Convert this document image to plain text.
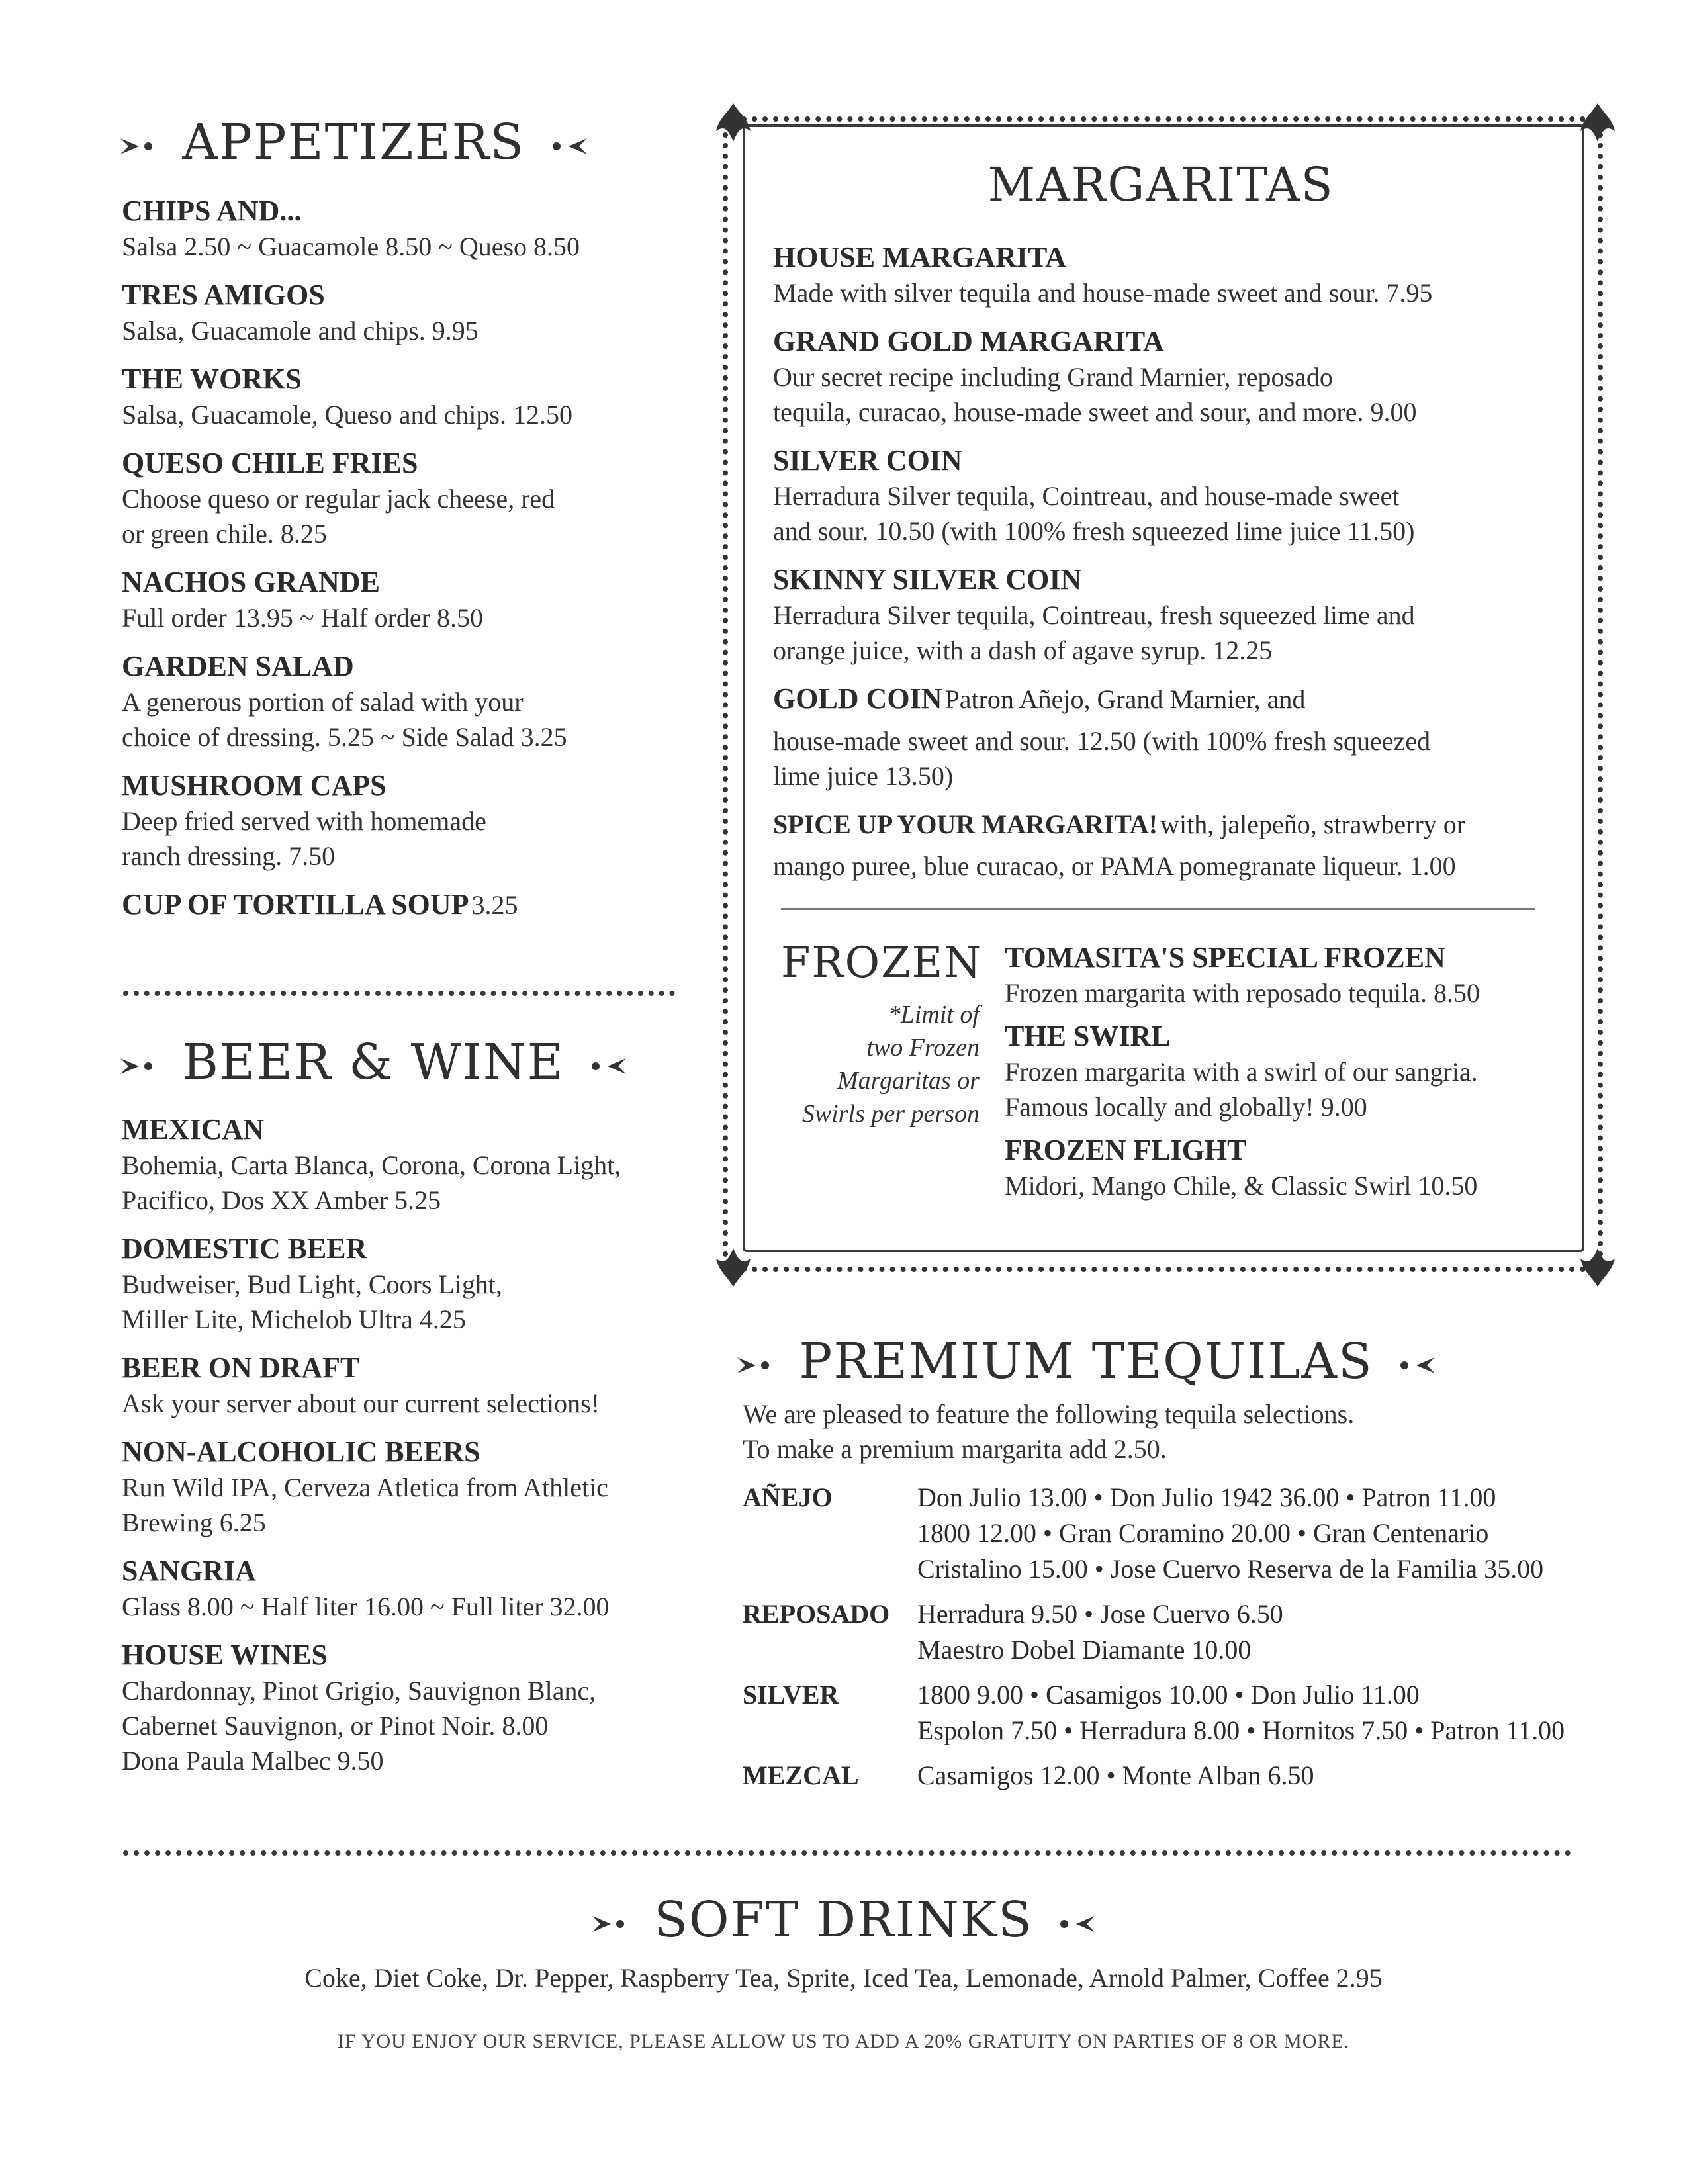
APPETIZERS
CHIPS AND...
Salsa 2.50 ~ Guacamole 8.50 ~ Queso 8.50
TRES AMIGOS
Salsa, Guacamole and chips. 9.95
THE WORKS
Salsa, Guacamole, Queso and chips. 12.50
QUESO CHILE FRIES
Choose queso or regular jack cheese, red
or green chile. 8.25
NACHOS GRANDE
Full order 13.95 ~ Half order 8.50
GARDEN SALAD
A generous portion of salad with your
choice of dressing. 5.25 ~ Side Salad 3.25
MUSHROOM CAPS
Deep fried served with homemade
ranch dressing. 7.50
CUP OF TORTILLA SOUP 3.25
BEER & WINE
MEXICAN
Bohemia, Carta Blanca, Corona, Corona Light,
Pacifico, Dos XX Amber 5.25
DOMESTIC BEER
Budweiser, Bud Light, Coors Light,
Miller Lite, Michelob Ultra 4.25
BEER ON DRAFT
Ask your server about our current selections!
NON-ALCOHOLIC BEERS
Run Wild IPA, Cerveza Atletica from Athletic
Brewing 6.25
SANGRIA
Glass 8.00 ~ Half liter 16.00 ~ Full liter 32.00
HOUSE WINES
Chardonnay, Pinot Grigio, Sauvignon Blanc,
Cabernet Sauvignon, or Pinot Noir. 8.00
Dona Paula Malbec 9.50
MARGARITAS
HOUSE MARGARITA
Made with silver tequila and house-made sweet and sour. 7.95
GRAND GOLD MARGARITA
Our secret recipe including Grand Marnier, reposado
tequila, curacao, house-made sweet and sour, and more. 9.00
SILVER COIN
Herradura Silver tequila, Cointreau, and house-made sweet
and sour. 10.50 (with 100% fresh squeezed lime juice 11.50)
SKINNY SILVER COIN
Herradura Silver tequila, Cointreau, fresh squeezed lime and
orange juice, with a dash of agave syrup. 12.25
GOLD COIN Patron Añejo, Grand Marnier, and
house-made sweet and sour. 12.50 (with 100% fresh squeezed
lime juice 13.50)
SPICE UP YOUR MARGARITA! with, jalepeño, strawberry or
mango puree, blue curacao, or PAMA pomegranate liqueur. 1.00
FROZEN
*Limit of
two Frozen
Margaritas or
Swirls per person
TOMASITA'S SPECIAL FROZEN
Frozen margarita with reposado tequila. 8.50
THE SWIRL
Frozen margarita with a swirl of our sangria.
Famous locally and globally! 9.00
FROZEN FLIGHT
Midori, Mango Chile, & Classic Swirl 10.50
PREMIUM TEQUILAS
We are pleased to feature the following tequila selections.
To make a premium margarita add 2.50.
AÑEJO	Don Julio 13.00 • Don Julio 1942 36.00 • Patron 11.00
1800 12.00 • Gran Coramino 20.00 • Gran Centenario
Cristalino 15.00 • Jose Cuervo Reserva de la Familia 35.00
REPOSADO	Herradura 9.50 • Jose Cuervo 6.50
Maestro Dobel Diamante 10.00
SILVER	1800 9.00 • Casamigos 10.00 • Don Julio 11.00
Espolon 7.50 • Herradura 8.00 • Hornitos 7.50 • Patron 11.00
MEZCAL	Casamigos 12.00 • Monte Alban 6.50
SOFT DRINKS
Coke, Diet Coke, Dr. Pepper, Raspberry Tea, Sprite, Iced Tea, Lemonade, Arnold Palmer, Coffee 2.95
IF YOU ENJOY OUR SERVICE, PLEASE ALLOW US TO ADD A 20% GRATUITY ON PARTIES OF 8 OR MORE.
